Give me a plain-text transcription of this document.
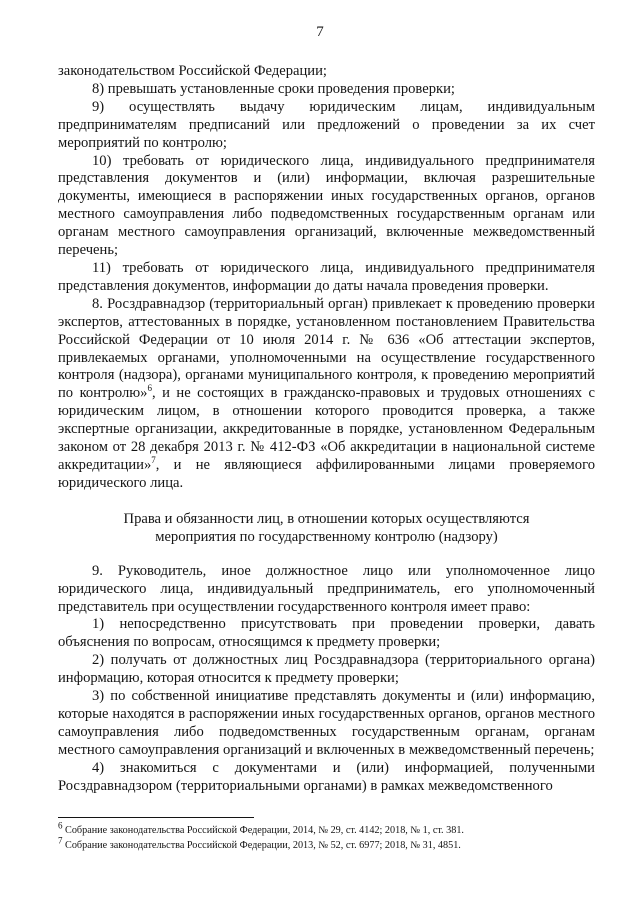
7

законодательством Российской Федерации;

8) превышать установленные сроки проведения проверки;

9) осуществлять выдачу юридическим лицам, индивидуальным предпринимателям предписаний или предложений о проведении за их счет мероприятий по контролю;

10) требовать от юридического лица, индивидуального предпринимателя представления документов и (или) информации, включая разрешительные документы, имеющиеся в распоряжении иных государственных органов, органов местного самоуправления либо подведомственных государственным органам или органам местного самоуправления организаций, включенные межведомственный перечень;

11) требовать от юридического лица, индивидуального предпринимателя представления документов, информации до даты начала проведения проверки.

8. Росздравнадзор (территориальный орган) привлекает к проведению проверки экспертов, аттестованных в порядке, установленном постановлением Правительства Российской Федерации от 10 июля 2014 г. № 636 «Об аттестации экспертов, привлекаемых органами, уполномоченными на осуществление государственного контроля (надзора), органами муниципального контроля, к проведению мероприятий по контролю»$^6$, и не состоящих в гражданско-правовых и трудовых отношениях с юридическим лицом, в отношении которого проводится проверка, а также экспертные организации, аккредитованные в порядке, установленном Федеральным законом от 28 декабря 2013 г. № 412-ФЗ «Об аккредитации в национальной системе аккредитации»$^7$, и не являющиеся аффилированными лицами проверяемого юридического лица.

Права и обязанности лиц, в отношении которых осуществляются
мероприятия по государственному контролю (надзору)

9. Руководитель, иное должностное лицо или уполномоченное лицо юридического лица, индивидуальный предприниматель, его уполномоченный представитель при осуществлении государственного контроля имеет право:

1) непосредственно присутствовать при проведении проверки, давать объяснения по вопросам, относящимся к предмету проверки;

2) получать от должностных лиц Росздравнадзора (территориального органа) информацию, которая относится к предмету проверки;

3) по собственной инициативе представлять документы и (или) информацию, которые находятся в распоряжении иных государственных органов, органов местного самоуправления либо подведомственных государственным органам, органам местного самоуправления организаций и включенных в межведомственный перечень;

4) знакомиться с документами и (или) информацией, полученными Росздравнадзором (территориальными органами) в рамках межведомственного

$^6$ Собрание законодательства Российской Федерации, 2014, № 29, ст. 4142; 2018, № 1, ст. 381.
$^7$ Собрание законодательства Российской Федерации, 2013, № 52, ст. 6977; 2018, № 31, 4851.
